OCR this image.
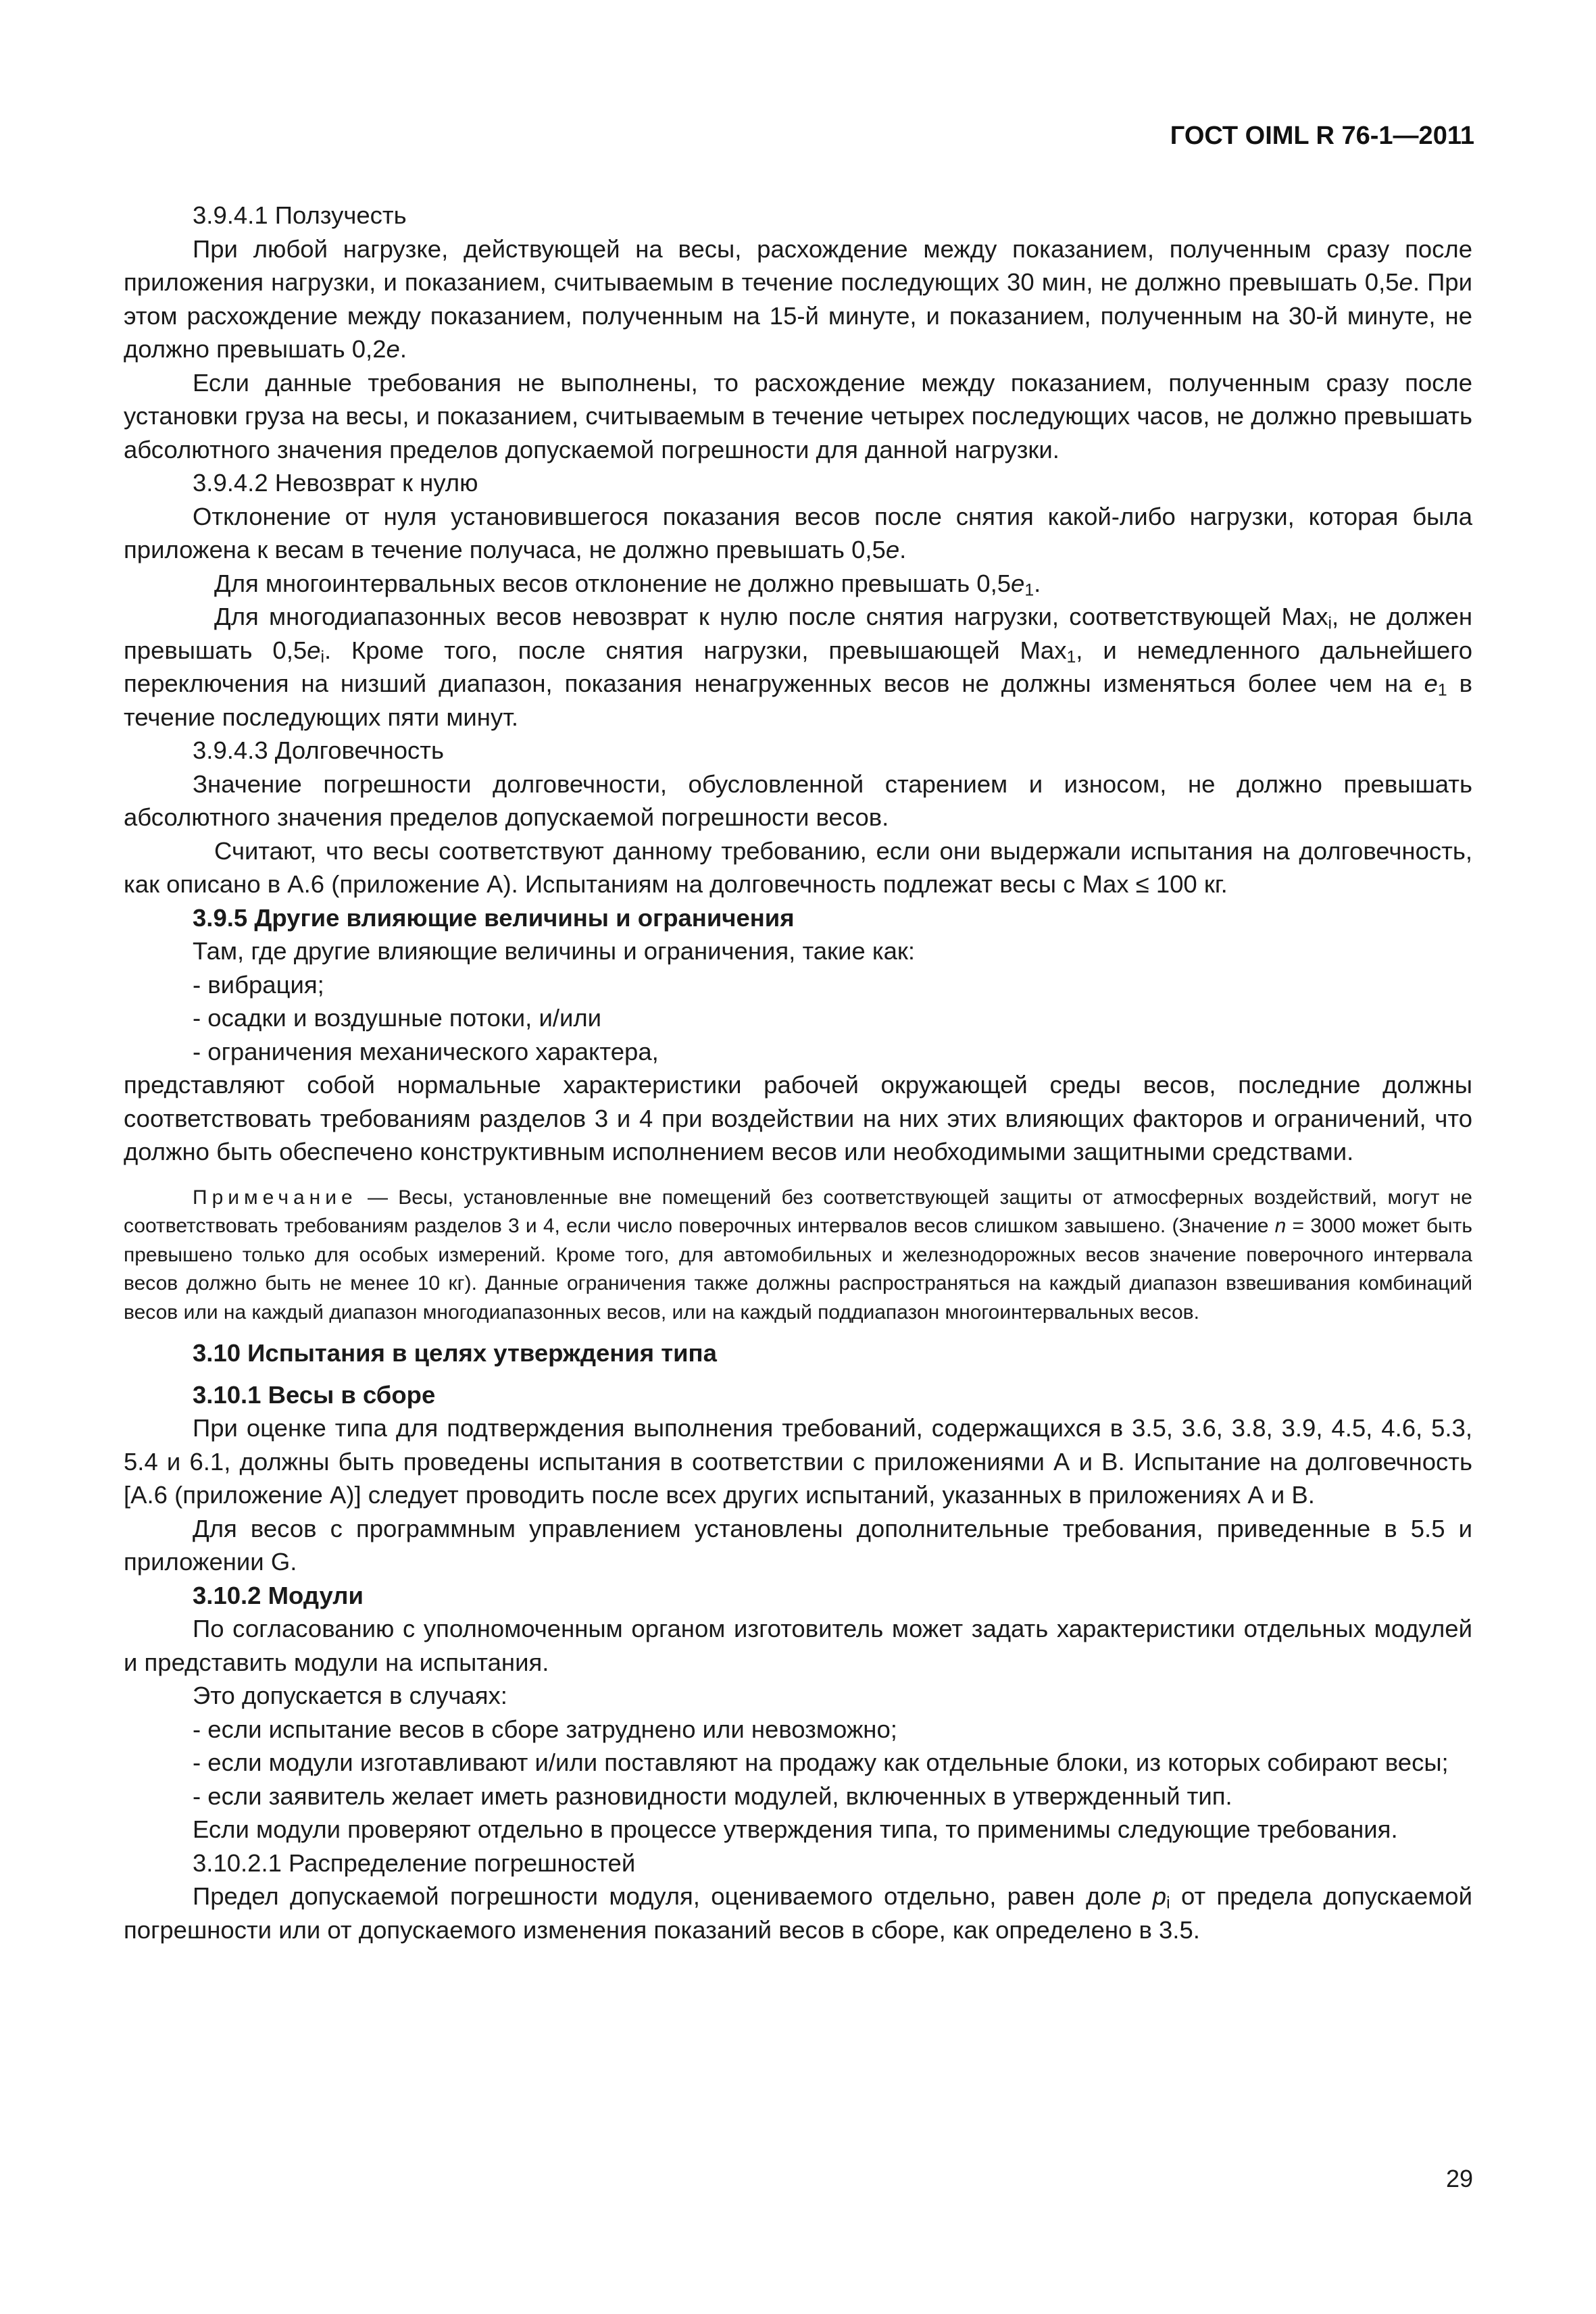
ГОСТ OIML R 76-1—2011

3.9.4.1 Ползучесть

При любой нагрузке, действующей на весы, расхождение между показанием, полученным сразу после приложения нагрузки, и показанием, считываемым в течение последующих 30 мин, не должно превышать 0,5e. При этом расхождение между показанием, полученным на 15-й минуте, и показанием, полученным на 30-й минуте, не должно превышать 0,2e.

Если данные требования не выполнены, то расхождение между показанием, полученным сразу после установки груза на весы, и показанием, считываемым в течение четырех последующих часов, не должно превышать абсолютного значения пределов допускаемой погрешности для данной нагрузки.

3.9.4.2 Невозврат к нулю

Отклонение от нуля установившегося показания весов после снятия какой-либо нагрузки, которая была приложена к весам в течение получаса, не должно превышать 0,5e.

Для многоинтервальных весов отклонение не должно превышать $0,5e_1$.

Для многодиапазонных весов невозврат к нулю после снятия нагрузки, соответствующей Max$_i$, не должен превышать $0,5e_i$. Кроме того, после снятия нагрузки, превышающей Max$_1$, и немедленного дальнейшего переключения на низший диапазон, показания ненагруженных весов не должны изменяться более чем на $e_1$ в течение последующих пяти минут.

3.9.4.3 Долговечность

Значение погрешности долговечности, обусловленной старением и износом, не должно превышать абсолютного значения пределов допускаемой погрешности весов.

Считают, что весы соответствуют данному требованию, если они выдержали испытания на долговечность, как описано в А.6 (приложение А). Испытаниям на долговечность подлежат весы с Max ≤ 100 кг.

3.9.5 Другие влияющие величины и ограничения

Там, где другие влияющие величины и ограничения, такие как:

- вибрация;

- осадки и воздушные потоки, и/или

- ограничения механического характера,

представляют собой нормальные характеристики рабочей окружающей среды весов, последние должны соответствовать требованиям разделов 3 и 4 при воздействии на них этих влияющих факторов и ограничений, что должно быть обеспечено конструктивным исполнением весов или необходимыми защитными средствами.

Примечание — Весы, установленные вне помещений без соответствующей защиты от атмосферных воздействий, могут не соответствовать требованиям разделов 3 и 4, если число поверочных интервалов весов слишком завышено. (Значение n = 3000 может быть превышено только для особых измерений. Кроме того, для автомобильных и железнодорожных весов значение поверочного интервала весов должно быть не менее 10 кг). Данные ограничения также должны распространяться на каждый диапазон взвешивания комбинаций весов или на каждый диапазон многодиапазонных весов, или на каждый поддиапазон многоинтервальных весов.

3.10 Испытания в целях утверждения типа

3.10.1 Весы в сборе

При оценке типа для подтверждения выполнения требований, содержащихся в 3.5, 3.6, 3.8, 3.9, 4.5, 4.6, 5.3, 5.4 и 6.1, должны быть проведены испытания в соответствии с приложениями А и В. Испытание на долговечность [А.6 (приложение А)] следует проводить после всех других испытаний, указанных в приложениях А и В.

Для весов с программным управлением установлены дополнительные требования, приведенные в 5.5 и приложении G.

3.10.2 Модули

По согласованию с уполномоченным органом изготовитель может задать характеристики отдельных модулей и представить модули на испытания.

Это допускается в случаях:

- если испытание весов в сборе затруднено или невозможно;

- если модули изготавливают и/или поставляют на продажу как отдельные блоки, из которых собирают весы;

- если заявитель желает иметь разновидности модулей, включенных в утвержденный тип.

Если модули проверяют отдельно в процессе утверждения типа, то применимы следующие требования.

3.10.2.1 Распределение погрешностей

Предел допускаемой погрешности модуля, оцениваемого отдельно, равен доле $p_i$ от предела допускаемой погрешности или от допускаемого изменения показаний весов в сборе, как определено в 3.5.

29
